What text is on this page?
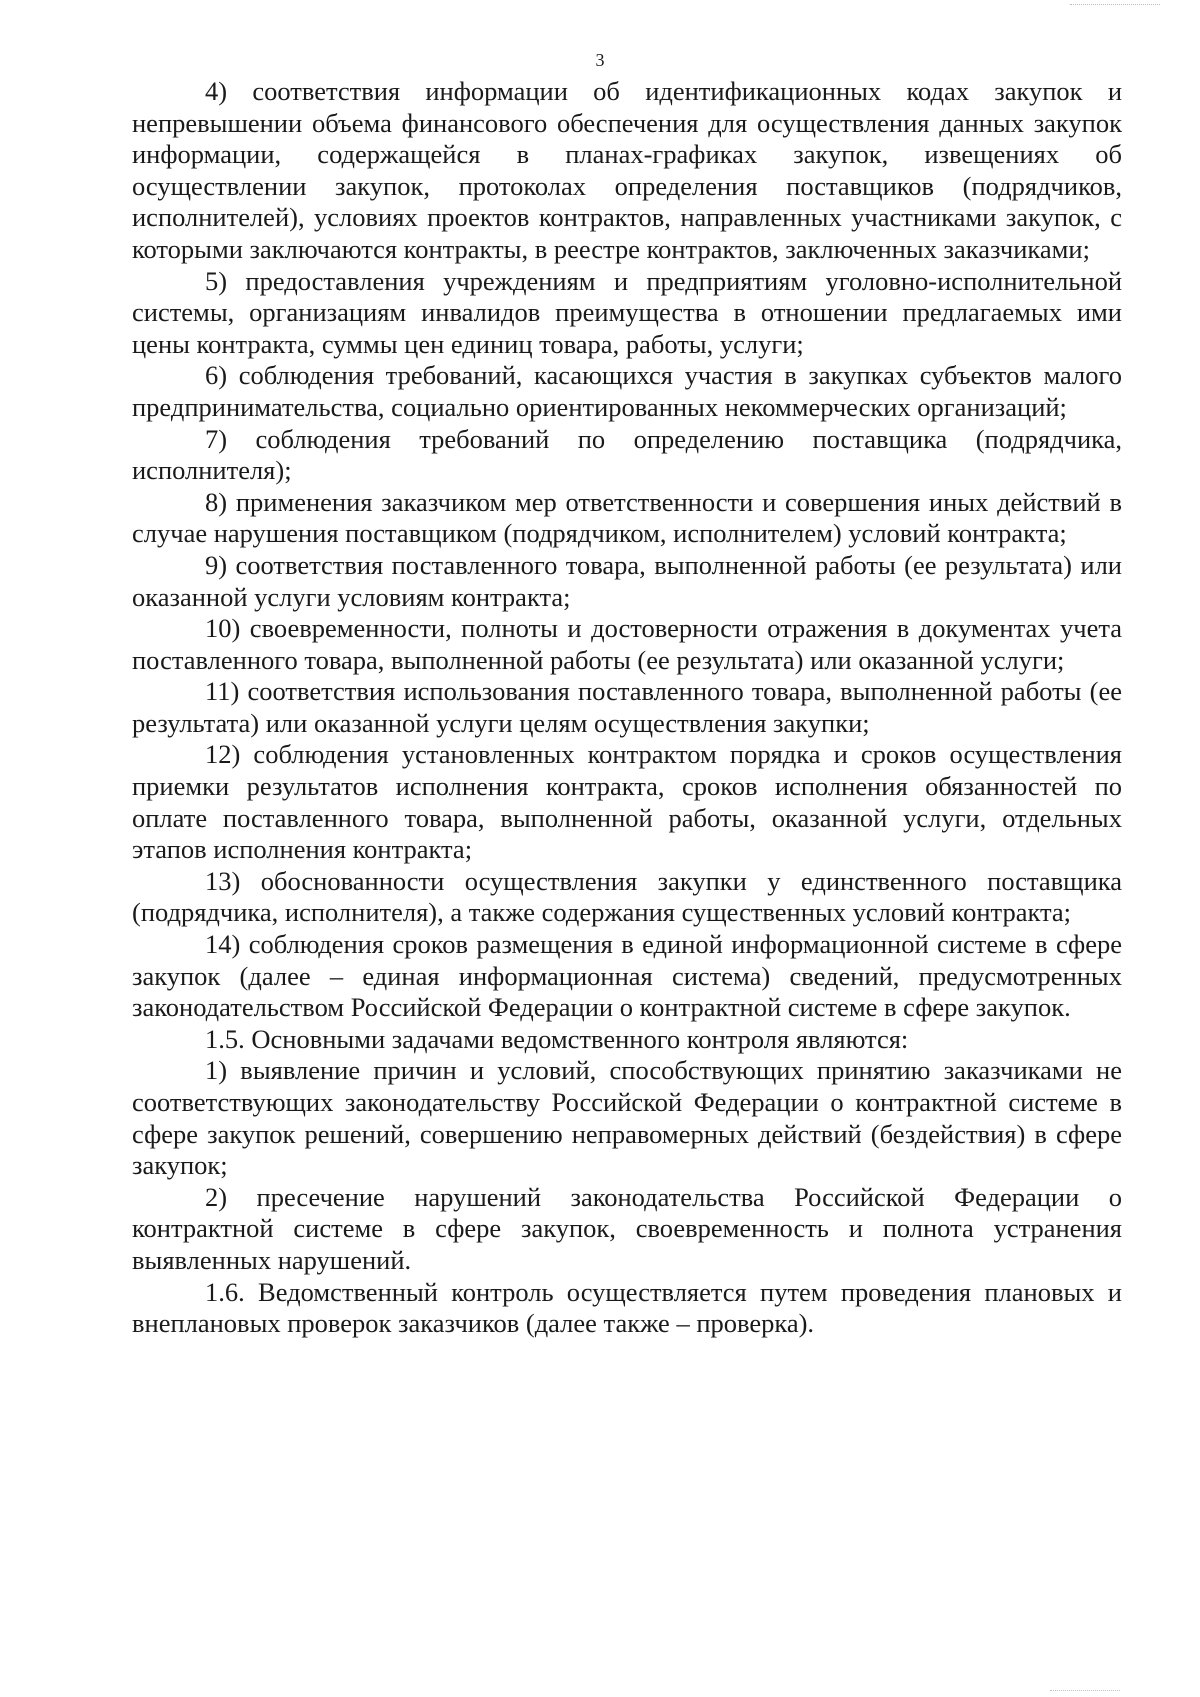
3

4) соответствия информации об идентификационных кодах закупок и непревышении объема финансового обеспечения для осуществления данных закупок информации, содержащейся в планах-графиках закупок, извещениях об осуществлении закупок, протоколах определения поставщиков (подрядчиков, исполнителей), условиях проектов контрактов, направленных участниками закупок, с которыми заключаются контракты, в реестре контрактов, заключенных заказчиками;

5) предоставления учреждениям и предприятиям уголовно-исполнительной системы, организациям инвалидов преимущества в отношении предлагаемых ими цены контракта, суммы цен единиц товара, работы, услуги;

6) соблюдения требований, касающихся участия в закупках субъектов малого предпринимательства, социально ориентированных некоммерческих организаций;

7) соблюдения требований по определению поставщика (подрядчика, исполнителя);

8) применения заказчиком мер ответственности и совершения иных действий в случае нарушения поставщиком (подрядчиком, исполнителем) условий контракта;

9) соответствия поставленного товара, выполненной работы (ее результата) или оказанной услуги условиям контракта;

10) своевременности, полноты и достоверности отражения в документах учета поставленного товара, выполненной работы (ее результата) или оказанной услуги;

11) соответствия использования поставленного товара, выполненной работы (ее результата) или оказанной услуги целям осуществления закупки;

12) соблюдения установленных контрактом порядка и сроков осуществления приемки результатов исполнения контракта, сроков исполнения обязанностей по оплате поставленного товара, выполненной работы, оказанной услуги, отдельных этапов исполнения контракта;

13) обоснованности осуществления закупки у единственного поставщика (подрядчика, исполнителя), а также содержания существенных условий контракта;

14) соблюдения сроков размещения в единой информационной системе в сфере закупок (далее – единая информационная система) сведений, предусмотренных законодательством Российской Федерации о контрактной системе в сфере закупок.

1.5. Основными задачами ведомственного контроля являются:

1) выявление причин и условий, способствующих принятию заказчиками не соответствующих законодательству Российской Федерации о контрактной системе в сфере закупок решений, совершению неправомерных действий (бездействия) в сфере закупок;

2) пресечение нарушений законодательства Российской Федерации о контрактной системе в сфере закупок, своевременность и полнота устранения выявленных нарушений.

1.6. Ведомственный контроль осуществляется путем проведения плановых и внеплановых проверок заказчиков (далее также – проверка).
